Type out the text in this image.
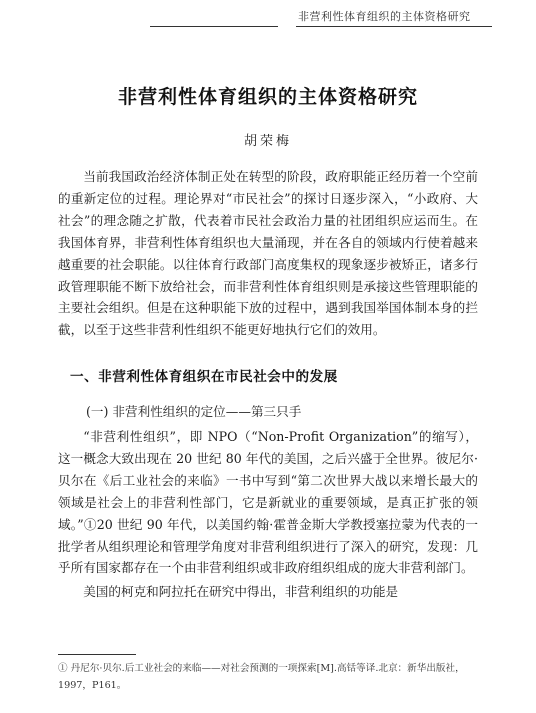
非营利性体育组织的主体资格研究
非营利性体育组织的主体资格研究
胡荣梅

当前我国政治经济体制正处在转型的阶段，政府职能正经历着一个空前的重新定位的过程。理论界对“市民社会”的探讨日逐步深入，“小政府、大社会”的理念随之扩散，代表着市民社会政治力量的社团组织应运而生。在我国体育界，非营利性体育组织也大量涌现，并在各自的领域内行使着越来越重要的社会职能。以往体育行政部门高度集权的现象逐步被矫正，诸多行政管理职能不断下放给社会，而非营利性体育组织则是承接这些管理职能的主要社会组织。但是在这种职能下放的过程中，遇到我国举国体制本身的拦截，以至于这些非营利性组织不能更好地执行它们的效用。

一、非营利性体育组织在市民社会中的发展
(一) 非营利性组织的定位——第三只手

“非营利性组织”，即 NPO（“Non-Profit Organization”的缩写），这一概念大致出现在 20 世纪 80 年代的美国，之后兴盛于全世界。彼尼尔·贝尔在《后工业社会的来临》一书中写到“第二次世界大战以来增长最大的领域是社会上的非营利性部门，它是新就业的重要领域，是真正扩张的领域。”①20 世纪 90 年代，以美国约翰·霍普金斯大学教授塞拉蒙为代表的一批学者从组织理论和管理学角度对非营利组织进行了深入的研究，发现：几乎所有国家都存在一个由非营利组织或非政府组织组成的庞大非营利部门。

美国的柯克和阿拉托在研究中得出，非营利组织的功能是

① 丹尼尔·贝尔.后工业社会的来临——对社会预测的一项探索[M].高铦等译.北京：新华出版社，1997，P161。
